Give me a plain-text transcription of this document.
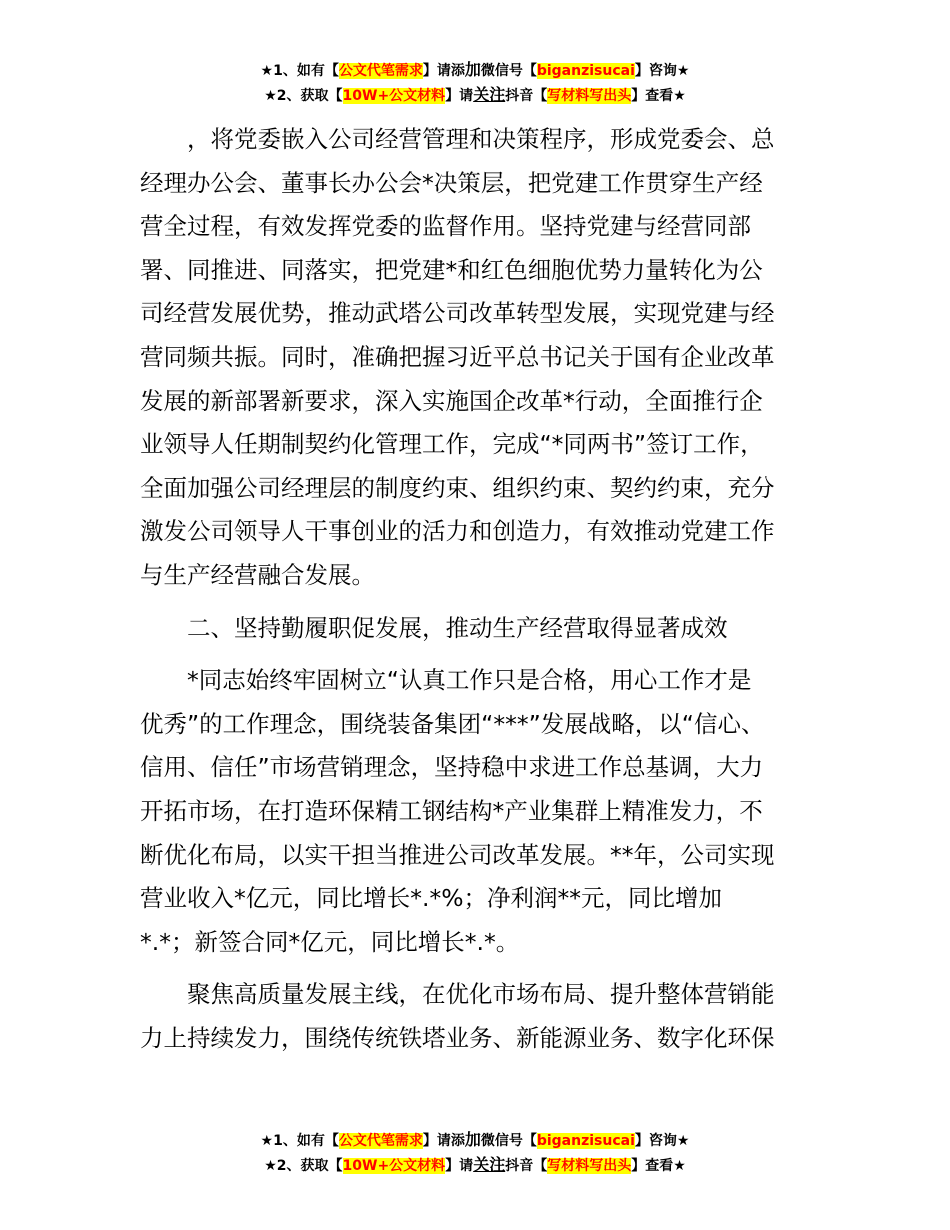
★1、如有【公文代笔需求】请添加微信号【biganzisucai】咨询★
★2、获取【10W+公文材料】请关注抖音【写材料写出头】查看★

，将党委嵌入公司经营管理和决策程序，形成党委会、总
经理办公会、董事长办公会*决策层，把党建工作贯穿生产经
营全过程，有效发挥党委的监督作用。坚持党建与经营同部
署、同推进、同落实，把党建*和红色细胞优势力量转化为公
司经营发展优势，推动武塔公司改革转型发展，实现党建与经
营同频共振。同时，准确把握习近平总书记关于国有企业改革
发展的新部署新要求，深入实施国企改革*行动，全面推行企
业领导人任期制契约化管理工作，完成“*同两书”签订工作，
全面加强公司经理层的制度约束、组织约束、契约约束，充分
激发公司领导人干事创业的活力和创造力，有效推动党建工作
与生产经营融合发展。

二、坚持勤履职促发展，推动生产经营取得显著成效

*同志始终牢固树立“认真工作只是合格，用心工作才是
优秀”的工作理念，围绕装备集团“***”发展战略，以“信心、
信用、信任”市场营销理念，坚持稳中求进工作总基调，大力
开拓市场，在打造环保精工钢结构*产业集群上精准发力，不
断优化布局，以实干担当推进公司改革发展。**年，公司实现
营业收入*亿元，同比增长*.*%；净利润**元，同比增加
*.*；新签合同*亿元，同比增长*.*。

聚焦高质量发展主线，在优化市场布局、提升整体营销能
力上持续发力，围绕传统铁塔业务、新能源业务、数字化环保

★1、如有【公文代笔需求】请添加微信号【biganzisucai】咨询★
★2、获取【10W+公文材料】请关注抖音【写材料写出头】查看★
